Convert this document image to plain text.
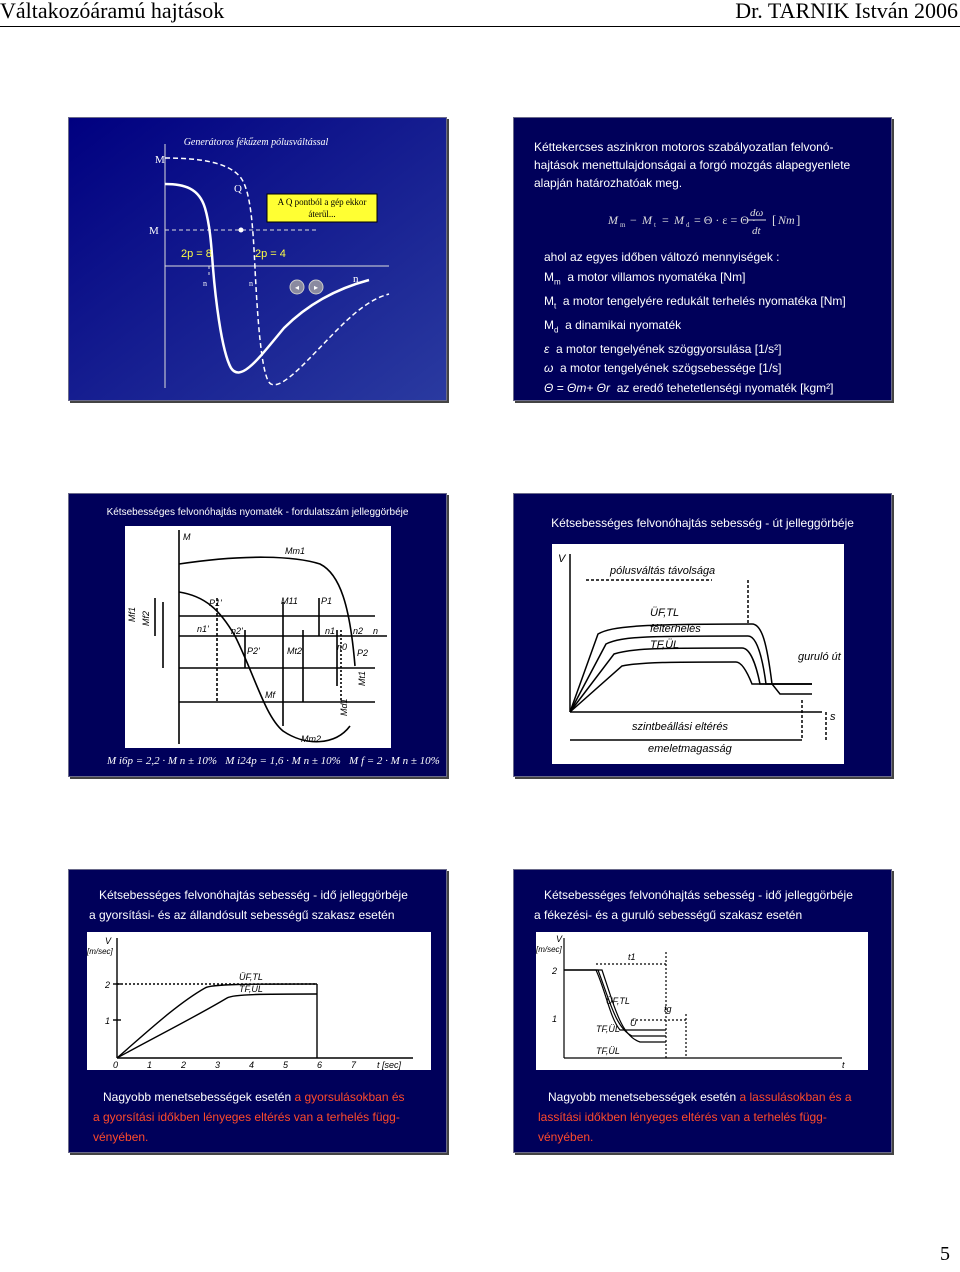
Váltakozóáramú hajtások	Dr. TARNIK István 2006
A Q pontból a gép ekkor
áterül...
Generátoros fékűzem pólusváltással
M
Q
M
2p = 8	2p = 4
n	n	n
◂ ▸
Kéttekercses aszinkron motoros szabályozatlan felvonó-
hajtások menettulajdonságai a forgó mozgás alapegyenlete
alapján határozhatóak meg.
M m − M t = M d = Θ · ε = Θ ·
dω
dt
[ Nm ]
M_m − M_t = M_d = Θ · ε = Θ · dω/dt [Nm]
ahol az egyes időben változó mennyiségek :
$M_m$ a motor villamos nyomatéka [Nm]
$M_t$ a motor tengelyére redukált terhelés nyomatéka [Nm]
$M_d$ a dinamikai nyomaték
ε a motor tengelyének szöggyorsulása [1/s²]
ω a motor tengelyének szögsebessége [1/s]
Θ = Θm+ Θr az eredő tehetetlenségi nyomaték [kgm²]
Kétsebességes felvonóhajtás nyomaték - fordulatszám jelleggörbéje
M
Mm1
Mf1 Mf2
P1'	M11	P1
n1' n2'	n1 n2 n
P2'	Mt2	n0
P2
Mt1
Mf
Md1
Mm2
M i6p = 2,2 · M n ± 10% M i24p = 1,6 · M n ± 10% M f = 2 · M n ± 10%
Kétsebességes felvonóhajtás sebesség - út jelleggörbéje
V
pólusváltás távolsága
ÜF,TL
félterhelés
TF,ÜL
guruló út
s
szintbeállási eltérés
emeletmagasság
Kétsebességes felvonóhajtás sebesség - idő jelleggörbéje
a gyorsítási- és az állandósult sebességű szakasz esetén
V
[m/sec]
2
1
0	1	2	3	4	5	6	7 t [sec]
ÜF,TL
TF,ÜL
Nagyobb menetsebességek esetén a gyorsulásokban és
a gyorsítási időkben lényeges eltérés van a terhelés függ-
vényében.
Kétsebességes felvonóhajtás sebesség - idő jelleggörbéje
a fékezési- és a guruló sebességű szakasz esetén
V
[m/sec]
2
1
t1
tg
ÜF,TL
Ü
TF,ÜL
TF,ÜL
t
Nagyobb menetsebességek esetén a lassulásokban és a
lassítási időkben lényeges eltérés van a terhelés függ-
vényében.
5
